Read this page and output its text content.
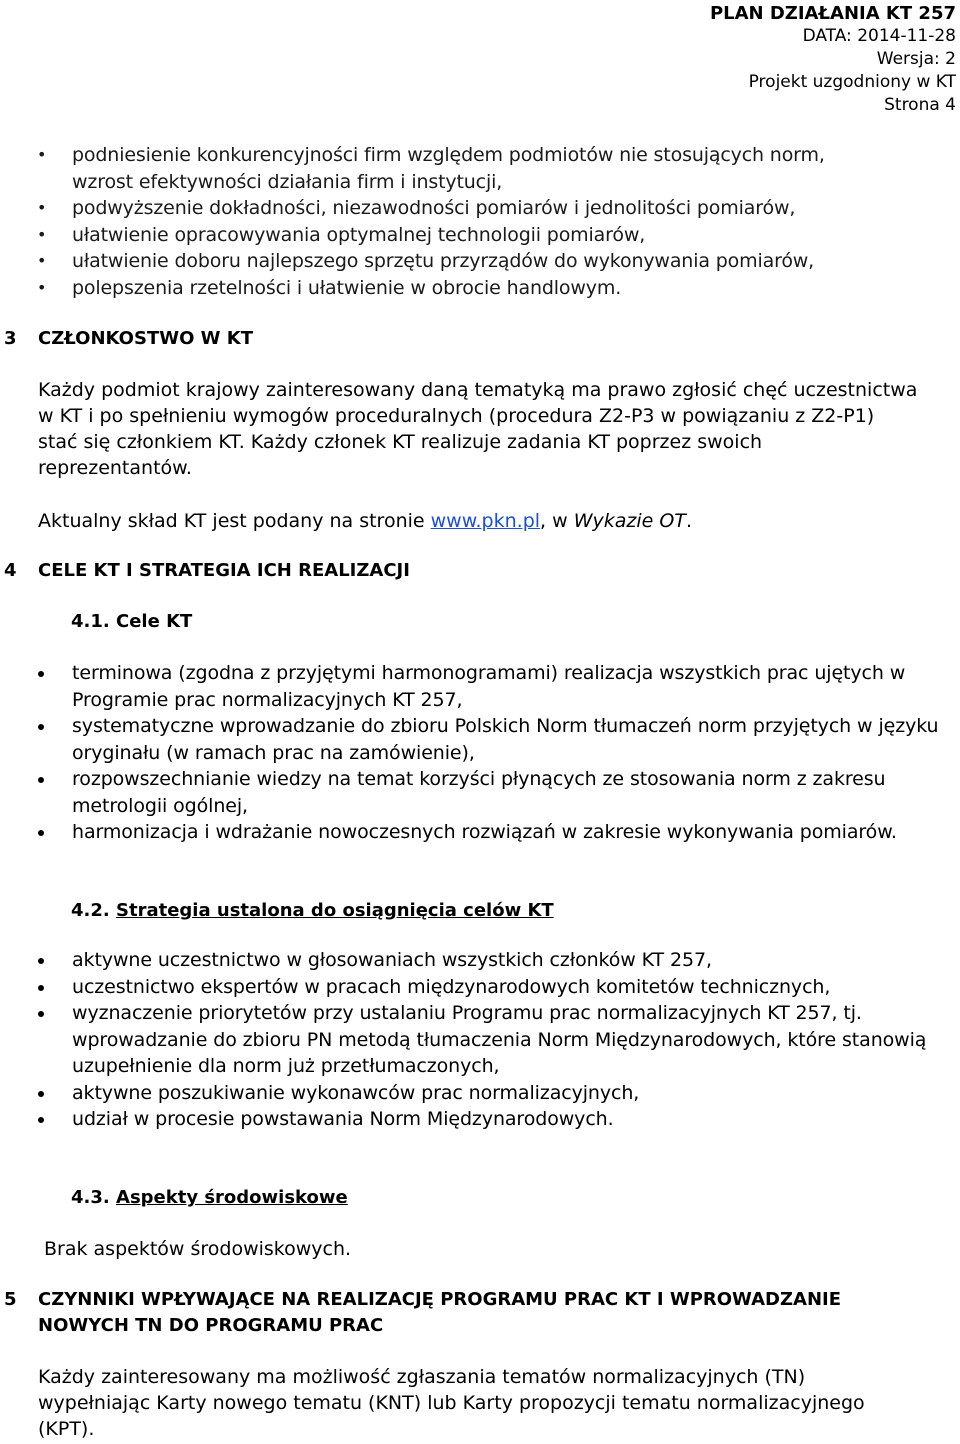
PLAN DZIAŁANIA KT 257
DATA: 2014-11-28
Wersja: 2
Projekt uzgodniony w KT
Strona 4
• podniesienie konkurencyjności firm względem podmiotów nie stosujących norm,
wzrost efektywności działania firm i instytucji,
• podwyższenie dokładności, niezawodności pomiarów i jednolitości pomiarów,
• ułatwienie opracowywania optymalnej technologii pomiarów,
• ułatwienie doboru najlepszego sprzętu przyrządów do wykonywania pomiarów,
• polepszenia rzetelności i ułatwienie w obrocie handlowym.
3 CZŁONKOSTWO W KT

Każdy podmiot krajowy zainteresowany daną tematyką ma prawo zgłosić chęć uczestnictwa w KT i po spełnieniu wymogów proceduralnych (procedura Z2-P3 w powiązaniu z Z2-P1) stać się członkiem KT. Każdy członek KT realizuje zadania KT poprzez swoich reprezentantów.

Aktualny skład KT jest podany na stronie www.pkn.pl, w Wykazie OT.

4 CELE KT I STRATEGIA ICH REALIZACJI
4.1. Cele KT
terminowa (zgodna z przyjętymi harmonogramami) realizacja wszystkich prac ujętych w Programie prac normalizacyjnych KT 257,
systematyczne wprowadzanie do zbioru Polskich Norm tłumaczeń norm przyjętych w języku oryginału (w ramach prac na zamówienie),
rozpowszechnianie wiedzy na temat korzyści płynących ze stosowania norm z zakresu metrologii ogólnej,
harmonizacja i wdrażanie nowoczesnych rozwiązań w zakresie wykonywania pomiarów.
4.2. Strategia ustalona do osiągnięcia celów KT
aktywne uczestnictwo w głosowaniach wszystkich członków KT 257,
uczestnictwo ekspertów w pracach międzynarodowych komitetów technicznych,
wyznaczenie priorytetów przy ustalaniu Programu prac normalizacyjnych KT 257, tj. wprowadzanie do zbioru PN metodą tłumaczenia Norm Międzynarodowych, które stanowią uzupełnienie dla norm już przetłumaczonych,
aktywne poszukiwanie wykonawców prac normalizacyjnych,
udział w procesie powstawania Norm Międzynarodowych.
4.3. Aspekty środowiskowe

Brak aspektów środowiskowych.

5 CZYNNIKI WPŁYWAJĄCE NA REALIZACJĘ PROGRAMU PRAC KT I WPROWADZANIE NOWYCH TN DO PROGRAMU PRAC

Każdy zainteresowany ma możliwość zgłaszania tematów normalizacyjnych (TN) wypełniając Karty nowego tematu (KNT) lub Karty propozycji tematu normalizacyjnego (KPT).
